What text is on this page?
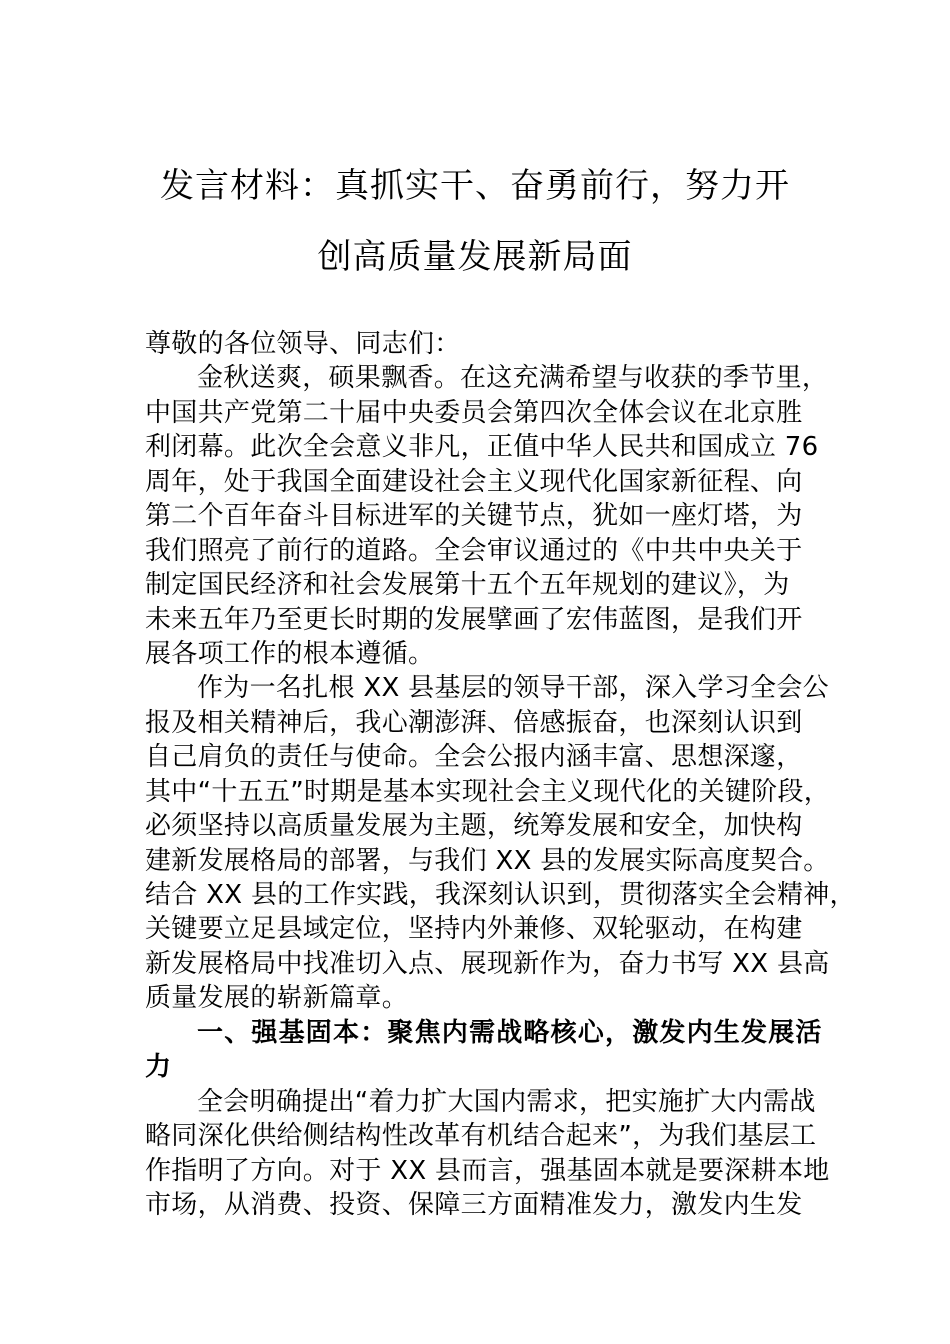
发言材料：真抓实干、奋勇前行，努力开
创高质量发展新局面
尊敬的各位领导、同志们：
金秋送爽，硕果飘香。在这充满希望与收获的季节里，
中国共产党第二十届中央委员会第四次全体会议在北京胜
利闭幕。此次全会意义非凡，正值中华人民共和国成立 76
周年，处于我国全面建设社会主义现代化国家新征程、向
第二个百年奋斗目标进军的关键节点，犹如一座灯塔，为
我们照亮了前行的道路。全会审议通过的《中共中央关于
制定国民经济和社会发展第十五个五年规划的建议》，为
未来五年乃至更长时期的发展擘画了宏伟蓝图，是我们开
展各项工作的根本遵循。
作为一名扎根 XX 县基层的领导干部，深入学习全会公
报及相关精神后，我心潮澎湃、倍感振奋，也深刻认识到
自己肩负的责任与使命。全会公报内涵丰富、思想深邃，
其中“十五五”时期是基本实现社会主义现代化的关键阶段，
必须坚持以高质量发展为主题，统筹发展和安全，加快构
建新发展格局的部署，与我们 XX 县的发展实际高度契合。
结合 XX 县的工作实践，我深刻认识到，贯彻落实全会精神，
关键要立足县域定位，坚持内外兼修、双轮驱动，在构建
新发展格局中找准切入点、展现新作为，奋力书写 XX 县高
质量发展的崭新篇章。
一、强基固本：聚焦内需战略核心，激发内生发展活
力
全会明确提出“着力扩大国内需求，把实施扩大内需战
略同深化供给侧结构性改革有机结合起来”，为我们基层工
作指明了方向。对于 XX 县而言，强基固本就是要深耕本地
市场，从消费、投资、保障三方面精准发力，激发内生发
